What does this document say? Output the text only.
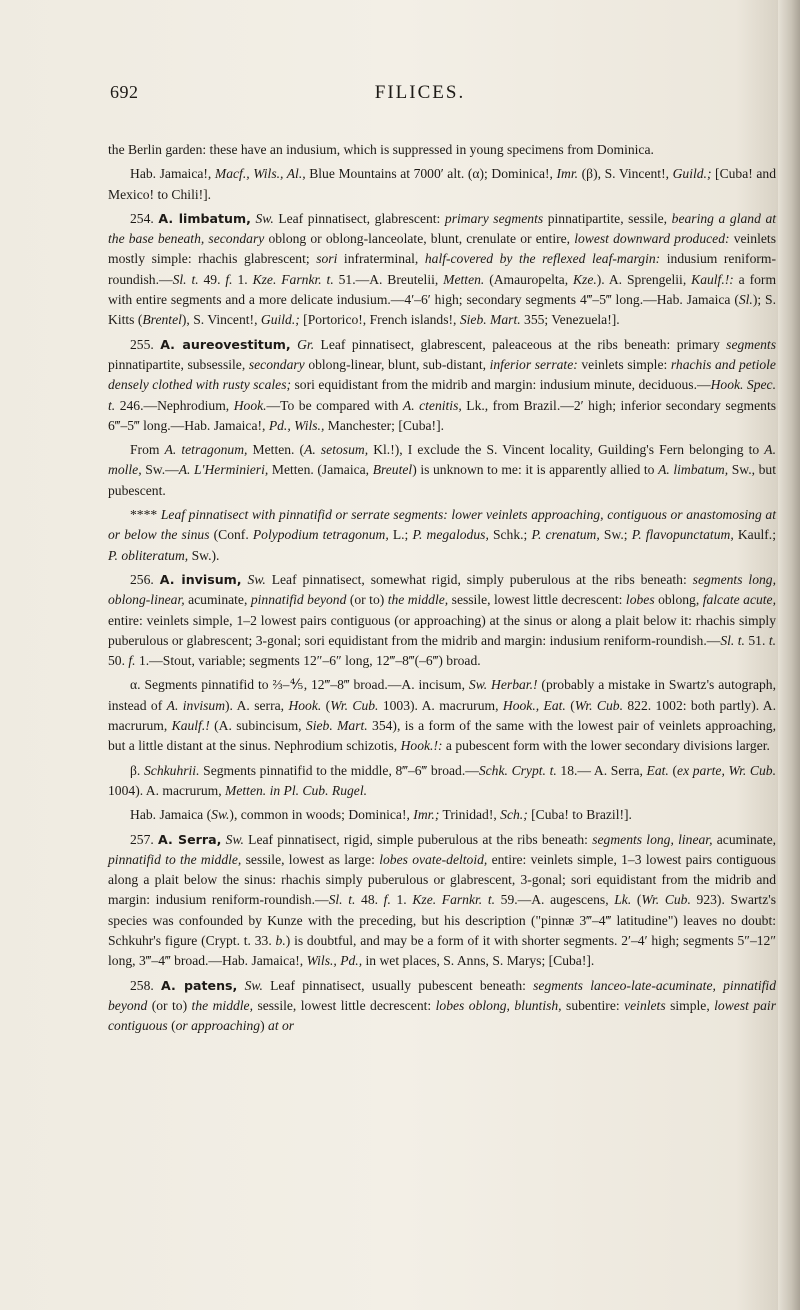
692	FILICES.

the Berlin garden: these have an indusium, which is suppressed in young specimens from Dominica.

Hab. Jamaica!, Macf., Wils., Al., Blue Mountains at 7000′ alt. (α); Dominica!, Imr. (β), S. Vincent!, Guild.; [Cuba! and Mexico! to Chili!].

254. A. limbatum, Sw. Leaf pinnatisect, glabrescent: primary segments pinnatipartite, sessile, bearing a gland at the base beneath, secondary oblong or oblong-lanceolate, blunt, crenulate or entire, lowest downward produced: veinlets mostly simple: rhachis glabrescent; sori infraterminal, half-covered by the reflexed leaf-margin: indusium reniform-roundish.—Sl. t. 49. f. 1. Kze. Farnkr. t. 51.—A. Breutelii, Metten. (Amauropelta, Kze.). A. Sprengelii, Kaulf.!: a form with entire segments and a more delicate indusium.—4′–6′ high; secondary segments 4‴–5‴ long.—Hab. Jamaica (Sl.); S. Kitts (Brentel), S. Vincent!, Guild.; [Portorico!, French islands!, Sieb. Mart. 355; Venezuela!].

255. A. aureovestitum, Gr. Leaf pinnatisect, glabrescent, paleaceous at the ribs beneath: primary segments pinnatipartite, subsessile, secondary oblong-linear, blunt, sub-distant, inferior serrate: veinlets simple: rhachis and petiole densely clothed with rusty scales; sori equidistant from the midrib and margin: indusium minute, deciduous.—Hook. Spec. t. 246.—Nephrodium, Hook.—To be compared with A. ctenitis, Lk., from Brazil.—2′ high; inferior secondary segments 6‴–5‴ long.—Hab. Jamaica!, Pd., Wils., Manchester; [Cuba!].

From A. tetragonum, Metten. (A. setosum, Kl.!), I exclude the S. Vincent locality, Guilding's Fern belonging to A. molle, Sw.—A. L'Herminieri, Metten. (Jamaica, Breutel) is unknown to me: it is apparently allied to A. limbatum, Sw., but pubescent.

**** Leaf pinnatisect with pinnatifid or serrate segments: lower veinlets approaching, contiguous or anastomosing at or below the sinus (Conf. Polypodium tetragonum, L.; P. megalodus, Schk.; P. crenatum, Sw.; P. flavopunctatum, Kaulf.; P. obliteratum, Sw.).

256. A. invisum, Sw. Leaf pinnatisect, somewhat rigid, simply puberulous at the ribs beneath: segments long, oblong-linear, acuminate, pinnatifid beyond (or to) the middle, sessile, lowest little decrescent: lobes oblong, falcate acute, entire: veinlets simple, 1–2 lowest pairs contiguous (or approaching) at the sinus or along a plait below it: rhachis simply puberulous or glabrescent; 3-gonal; sori equidistant from the midrib and margin: indusium reniform-roundish.—Sl. t. 51. t. 50. f. 1.—Stout, variable; segments 12″–6″ long, 12‴–8‴(–6‴) broad.

α. Segments pinnatifid to ⅔–⅘, 12‴–8‴ broad.—A. incisum, Sw. Herbar.! (probably a mistake in Swartz's autograph, instead of A. invisum). A. serra, Hook. (Wr. Cub. 1003). A. macrurum, Hook., Eat. (Wr. Cub. 822. 1002: both partly). A. macrurum, Kaulf.! (A. subincisum, Sieb. Mart. 354), is a form of the same with the lowest pair of veinlets approaching, but a little distant at the sinus. Nephrodium schizotis, Hook.!: a pubescent form with the lower secondary divisions larger.

β. Schkuhrii. Segments pinnatifid to the middle, 8‴–6‴ broad.—Schk. Crypt. t. 18.— A. Serra, Eat. (ex parte, Wr. Cub. 1004). A. macrurum, Metten. in Pl. Cub. Rugel.

Hab. Jamaica (Sw.), common in woods; Dominica!, Imr.; Trinidad!, Sch.; [Cuba! to Brazil!].

257. A. Serra, Sw. Leaf pinnatisect, rigid, simple puberulous at the ribs beneath: segments long, linear, acuminate, pinnatifid to the middle, sessile, lowest as large: lobes ovate-deltoid, entire: veinlets simple, 1–3 lowest pairs contiguous along a plait below the sinus: rhachis simply puberulous or glabrescent, 3-gonal; sori equidistant from the midrib and margin: indusium reniform-roundish.—Sl. t. 48. f. 1. Kze. Farnkr. t. 59.—A. augescens, Lk. (Wr. Cub. 923). Swartz's species was confounded by Kunze with the preceding, but his description ("pinnæ 3‴–4‴ latitudine") leaves no doubt: Schkuhr's figure (Crypt. t. 33. b.) is doubtful, and may be a form of it with shorter segments. 2′–4′ high; segments 5″–12″ long, 3‴–4‴ broad.—Hab. Jamaica!, Wils., Pd., in wet places, S. Anns, S. Marys; [Cuba!].

258. A. patens, Sw. Leaf pinnatisect, usually pubescent beneath: segments lanceo-late-acuminate, pinnatifid beyond (or to) the middle, sessile, lowest little decrescent: lobes oblong, bluntish, subentire: veinlets simple, lowest pair contiguous (or approaching) at or
